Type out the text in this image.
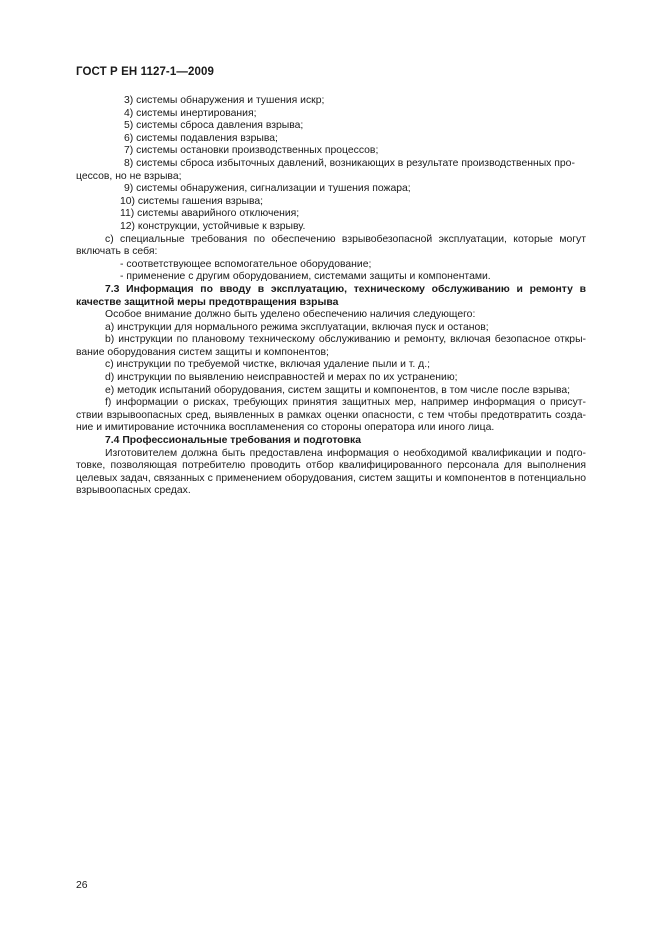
ГОСТ Р ЕН 1127-1—2009

3) системы обнаружения и тушения искр;

4) системы инертирования;

5) системы сброса давления взрыва;

6) системы подавления взрыва;

7) системы остановки производственных процессов;

8) системы сброса избыточных давлений, возникающих в результате производственных про-

цессов, но не взрыва;

9) системы обнаружения, сигнализации и тушения пожара;

10) системы гашения взрыва;

11) системы аварийного отключения;

12) конструкции, устойчивые к взрыву.

c) специальные требования по обеспечению взрывобезопасной эксплуатации, которые могут включать в себя:

- соответствующее вспомогательное оборудование;

- применение с другим оборудованием, системами защиты и компонентами.

7.3 Информация по вводу в эксплуатацию, техническому обслуживанию и ремонту в качестве защитной меры предотвращения взрыва

Особое внимание должно быть уделено обеспечению наличия следующего:

a) инструкции для нормального режима эксплуатации, включая пуск и останов;

b) инструкции по плановому техническому обслуживанию и ремонту, включая безопасное откры-вание оборудования систем защиты и компонентов;

c) инструкции по требуемой чистке, включая удаление пыли и т. д.;

d) инструкции по выявлению неисправностей и мерах по их устранению;

e) методик испытаний оборудования, систем защиты и компонентов, в том числе после взрыва;

f) информации о рисках, требующих принятия защитных мер, например информация о присут-ствии взрывоопасных сред, выявленных в рамках оценки опасности, с тем чтобы предотвратить созда-ние и имитирование источника воспламенения со стороны оператора или иного лица.

7.4 Профессиональные требования и подготовка

Изготовителем должна быть предоставлена информация о необходимой квалификации и подго-товке, позволяющая потребителю проводить отбор квалифицированного персонала для выполнения целевых задач, связанных с применением оборудования, систем защиты и компонентов в потенциально взрывоопасных средах.

26
